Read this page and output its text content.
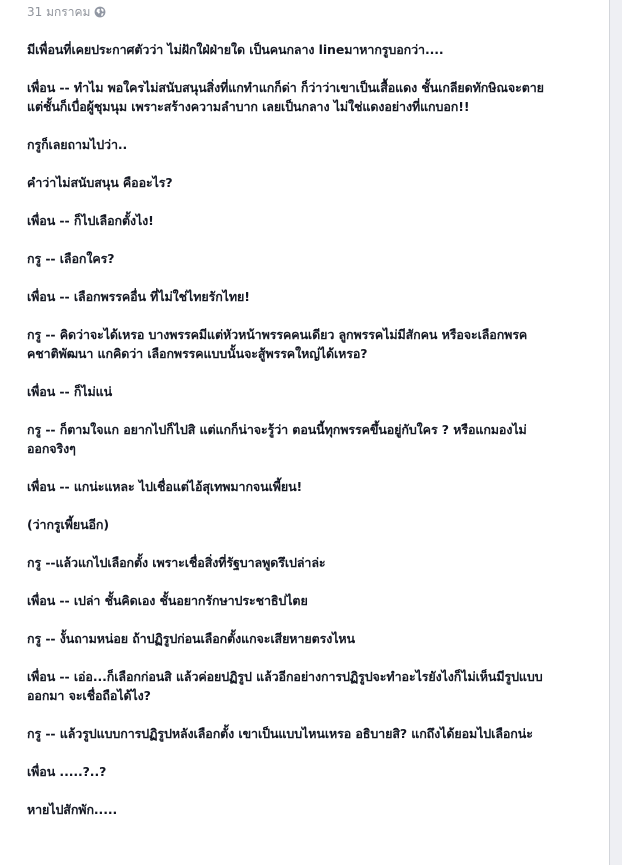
31 มกราคม
มีเพื่อนที่เคยประกาศตัวว่า ไม่ฝักใฝ่ฝ่ายใด เป็นคนกลาง lineมาหากรูบอกว่า....
เพื่อน -- ทำไม พอใครไม่สนับสนุนสิ่งที่แกทำแกก็ด่า ก็ว่าว่าเขาเป็นเสื้อแดง ชั้นเกลียดทักษิณจะตาย
แต่ชั้นก็เบื่อผู้ชุมนุม เพราะสร้างความลำบาก เลยเป็นกลาง ไม่ใช่แดงอย่างที่แกบอก!!
กรูก็เลยถามไปว่า..
คำว่าไม่สนับสนุน คืออะไร?
เพื่อน -- ก็ไปเลือกตั้งไง!
กรู -- เลือกใคร?
เพื่อน -- เลือกพรรคอื่น ที่ไม่ใช่ไทยรักไทย!
กรู -- คิดว่าจะได้เหรอ บางพรรคมีแต่หัวหน้าพรรคคนเดียว ลูกพรรคไม่มีสักคน หรือจะเลือกพรค
คชาติพัฒนา แกคิดว่า เลือกพรรคแบบนั้นจะสู้พรรคใหญ่ได้เหรอ?
เพื่อน -- ก็ไม่แน่
กรู -- ก็ตามใจแก อยากไปก็ไปสิ แต่แกก็น่าจะรู้ว่า ตอนนี้ทุกพรรคขึ้นอยู่กับใคร ? หรือแกมองไม่
ออกจริงๆ
เพื่อน -- แกน่ะแหละ ไปเชื่อแต่ไอ้สุเทพมากจนเพี้ยน!
(ว่ากรูเพี้ยนอีก)
กรู --แล้วแกไปเลือกตั้ง เพราะเชื่อสิ่งที่รัฐบาลพูดรึเปล่าล่ะ
เพื่อน -- เปล่า ชั้นคิดเอง ชั้นอยากรักษาประชาธิปไตย
กรู -- งั้นถามหน่อย ถ้าปฏิรูปก่อนเลือกตั้งแกจะเสียหายตรงไหน
เพื่อน -- เอ่อ...ก็เลือกก่อนสิ แล้วค่อยปฏิรูป แล้วอีกอย่างการปฏิรูปจะทำอะไรยังไงก็ไม่เห็นมีรูปแบบ
ออกมา จะเชื่อถือได้ไง?
กรู -- แล้วรูปแบบการปฏิรูปหลังเลือกตั้ง เขาเป็นแบบไหนเหรอ อธิบายสิ? แกถึงได้ยอมไปเลือกน่ะ
เพื่อน .....?..?
หายไปสักพัก.....
